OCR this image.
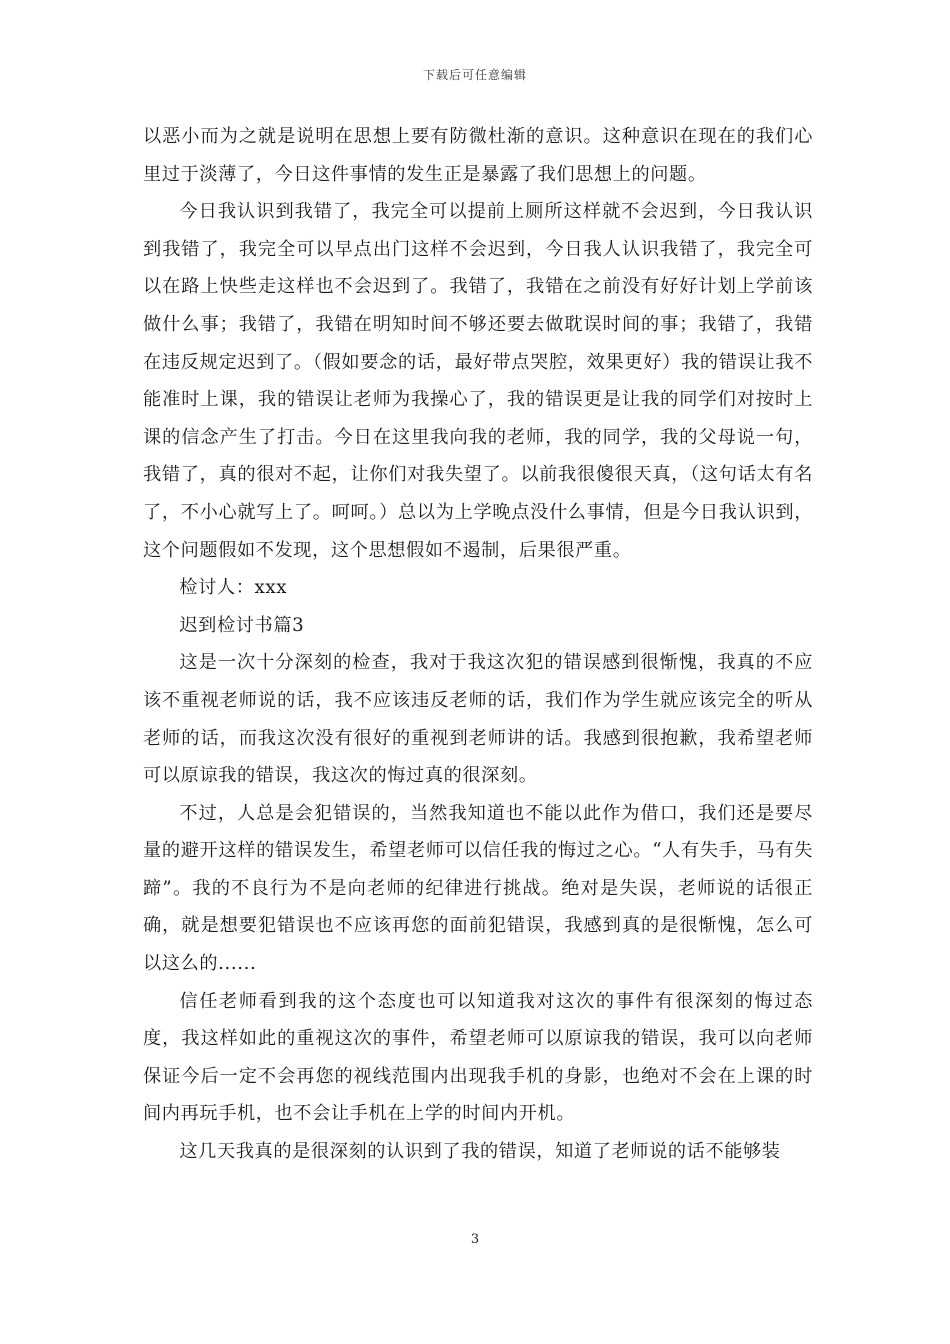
下载后可任意编辑

以恶小而为之就是说明在思想上要有防微杜渐的意识。这种意识在现在的我们心里过于淡薄了，今日这件事情的发生正是暴露了我们思想上的问题。

今日我认识到我错了，我完全可以提前上厕所这样就不会迟到，今日我认识到我错了，我完全可以早点出门这样不会迟到，今日我人认识我错了，我完全可以在路上快些走这样也不会迟到了。我错了，我错在之前没有好好计划上学前该做什么事；我错了，我错在明知时间不够还要去做耽误时间的事；我错了，我错在违反规定迟到了。（假如要念的话，最好带点哭腔，效果更好）我的错误让我不能准时上课，我的错误让老师为我操心了，我的错误更是让我的同学们对按时上课的信念产生了打击。今日在这里我向我的老师，我的同学，我的父母说一句，我错了，真的很对不起，让你们对我失望了。以前我很傻很天真，（这句话太有名了，不小心就写上了。呵呵。）总以为上学晚点没什么事情，但是今日我认识到，这个问题假如不发现，这个思想假如不遏制，后果很严重。

检讨人：xxx

迟到检讨书篇3

这是一次十分深刻的检查，我对于我这次犯的错误感到很惭愧，我真的不应该不重视老师说的话，我不应该违反老师的话，我们作为学生就应该完全的听从老师的话，而我这次没有很好的重视到老师讲的话。我感到很抱歉，我希望老师可以原谅我的错误，我这次的悔过真的很深刻。

不过，人总是会犯错误的，当然我知道也不能以此作为借口，我们还是要尽量的避开这样的错误发生，希望老师可以信任我的悔过之心。“人有失手，马有失蹄”。我的不良行为不是向老师的纪律进行挑战。绝对是失误，老师说的话很正确，就是想要犯错误也不应该再您的面前犯错误，我感到真的是很惭愧，怎么可以这么的......

信任老师看到我的这个态度也可以知道我对这次的事件有很深刻的悔过态度，我这样如此的重视这次的事件，希望老师可以原谅我的错误，我可以向老师保证今后一定不会再您的视线范围内出现我手机的身影，也绝对不会在上课的时间内再玩手机，也不会让手机在上学的时间内开机。

这几天我真的是很深刻的认识到了我的错误，知道了老师说的话不能够装

3
